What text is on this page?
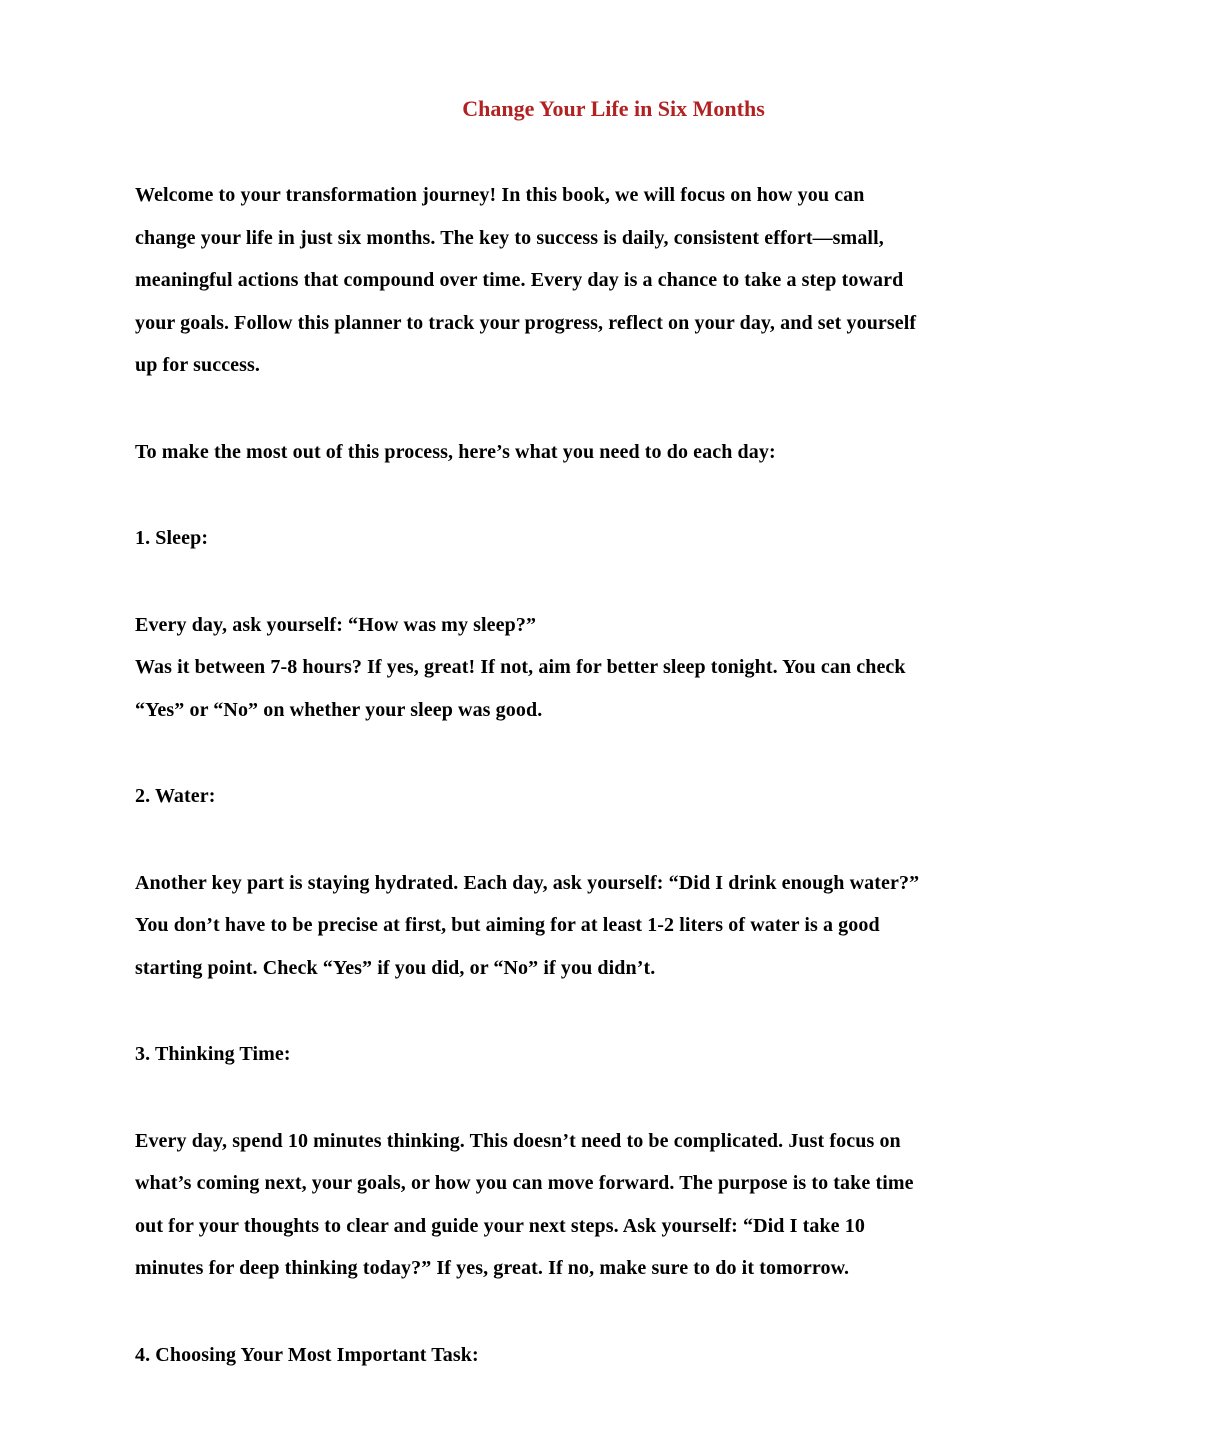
Change Your Life in Six Months

Welcome to your transformation journey! In this book, we will focus on how you can
change your life in just six months. The key to success is daily, consistent effort—small,
meaningful actions that compound over time. Every day is a chance to take a step toward
your goals. Follow this planner to track your progress, reflect on your day, and set yourself
up for success.

To make the most out of this process, here’s what you need to do each day:

1. Sleep:

Every day, ask yourself: “How was my sleep?”
Was it between 7-8 hours? If yes, great! If not, aim for better sleep tonight. You can check
“Yes” or “No” on whether your sleep was good.

2. Water:

Another key part is staying hydrated. Each day, ask yourself: “Did I drink enough water?”
You don’t have to be precise at first, but aiming for at least 1-2 liters of water is a good
starting point. Check “Yes” if you did, or “No” if you didn’t.

3. Thinking Time:

Every day, spend 10 minutes thinking. This doesn’t need to be complicated. Just focus on
what’s coming next, your goals, or how you can move forward. The purpose is to take time
out for your thoughts to clear and guide your next steps. Ask yourself: “Did I take 10
minutes for deep thinking today?” If yes, great. If no, make sure to do it tomorrow.

4. Choosing Your Most Important Task:
